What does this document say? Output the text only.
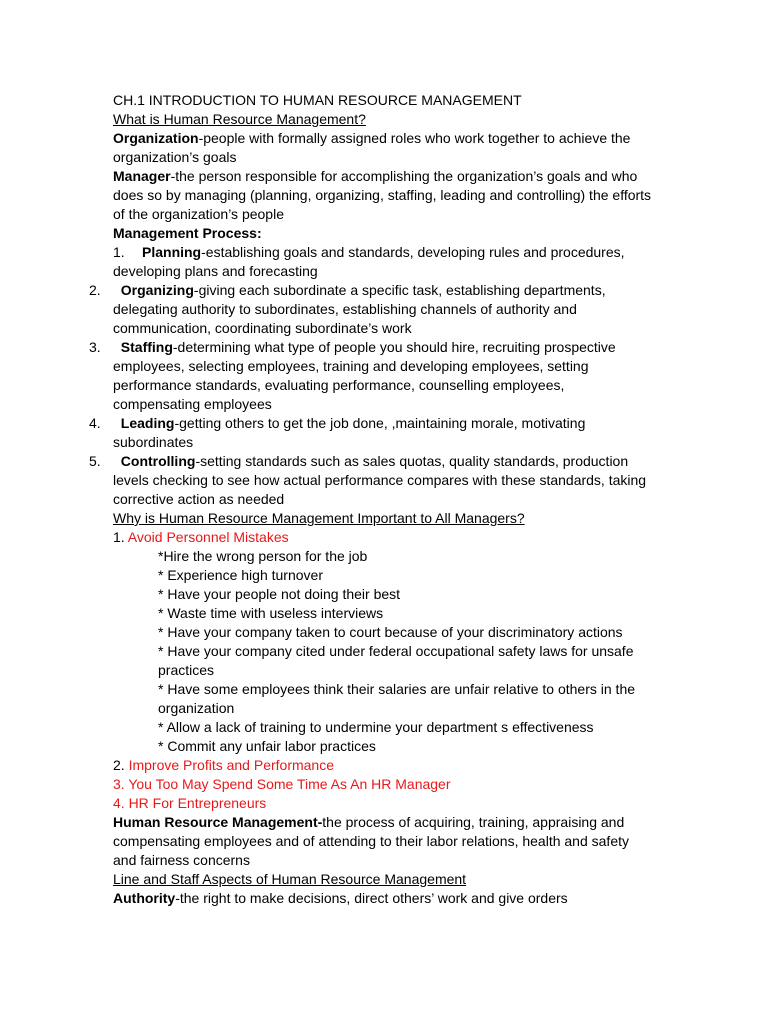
CH.1 INTRODUCTION TO HUMAN RESOURCE MANAGEMENT

What is Human Resource Management?

Organization-people with formally assigned roles who work together to achieve the organization’s goals

Manager-the person responsible for accomplishing the organization’s goals and who does so by managing (planning, organizing, staffing, leading and controlling) the efforts of the organization’s people

Management Process:

1. Planning-establishing goals and standards, developing rules and procedures, developing plans and forecasting

2. Organizing-giving each subordinate a specific task, establishing departments, delegating authority to subordinates, establishing channels of authority and communication, coordinating subordinate’s work

3. Staffing-determining what type of people you should hire, recruiting prospective employees, selecting employees, training and developing employees, setting performance standards, evaluating performance, counselling employees, compensating employees

4. Leading-getting others to get the job done, ,maintaining morale, motivating subordinates

5. Controlling-setting standards such as sales quotas, quality standards, production levels checking to see how actual performance compares with these standards, taking corrective action as needed

Why is Human Resource Management Important to All Managers?

1. Avoid Personnel Mistakes

*Hire the wrong person for the job

* Experience high turnover

* Have your people not doing their best

* Waste time with useless interviews

* Have your company taken to court because of your discriminatory actions

* Have your company cited under federal occupational safety laws for unsafe practices

* Have some employees think their salaries are unfair relative to others in the organization

* Allow a lack of training to undermine your department s effectiveness

* Commit any unfair labor practices

2. Improve Profits and Performance

3. You Too May Spend Some Time As An HR Manager

4. HR For Entrepreneurs

Human Resource Management-the process of acquiring, training, appraising and compensating employees and of attending to their labor relations, health and safety and fairness concerns

Line and Staff Aspects of Human Resource Management

Authority-the right to make decisions, direct others’ work and give orders
